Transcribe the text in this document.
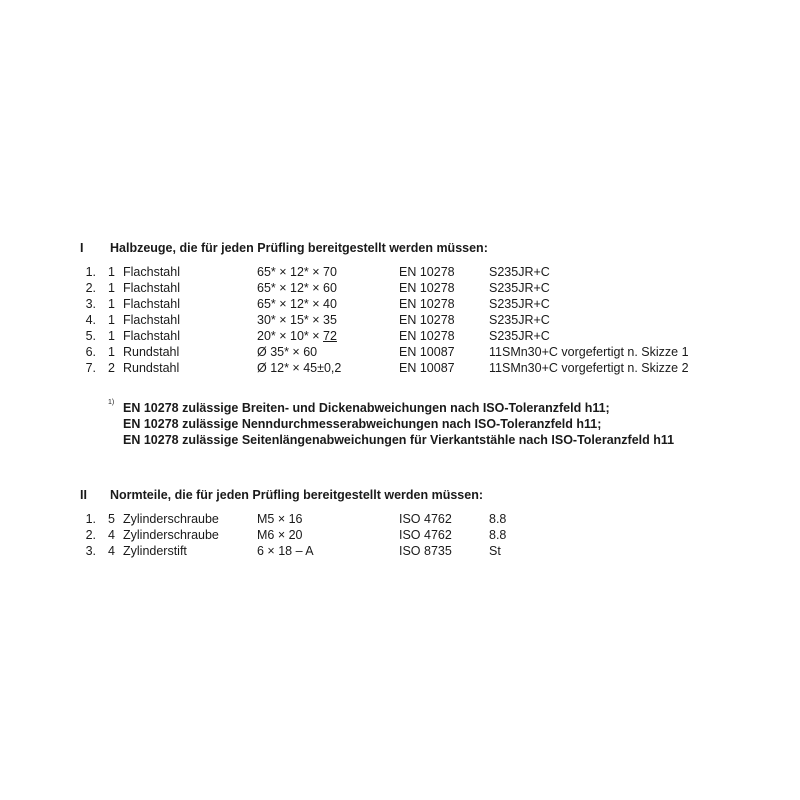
I Halbzeuge, die für jeden Prüfling bereitgestellt werden müssen:
1. 1 Flachstahl	65* × 12* × 70	EN 10278	S235JR+C
2. 1 Flachstahl	65* × 12* × 60	EN 10278	S235JR+C
3. 1 Flachstahl	65* × 12* × 40	EN 10278	S235JR+C
4. 1 Flachstahl	30* × 15* × 35	EN 10278	S235JR+C
5. 1 Flachstahl	20* × 10* × 72	EN 10278	S235JR+C
6. 1 Rundstahl	Ø 35* × 60	EN 10087	11SMn30+C vorgefertigt n. Skizze 1
7. 2 Rundstahl	Ø 12* × 45±0,2	EN 10087	11SMn30+C vorgefertigt n. Skizze 2
1) EN 10278 zulässige Breiten- und Dickenabweichungen nach ISO-Toleranzfeld h11;
EN 10278 zulässige Nenndurchmesserabweichungen nach ISO-Toleranzfeld h11;
EN 10278 zulässige Seitenlängenabweichungen für Vierkantstähle nach ISO-Toleranzfeld h11
II Normteile, die für jeden Prüfling bereitgestellt werden müssen:
1. 5 Zylinderschraube	M5 × 16	ISO 4762	8.8
2. 4 Zylinderschraube	M6 × 20	ISO 4762	8.8
3. 4 Zylinderstift	6 × 18 – A	ISO 8735	St
